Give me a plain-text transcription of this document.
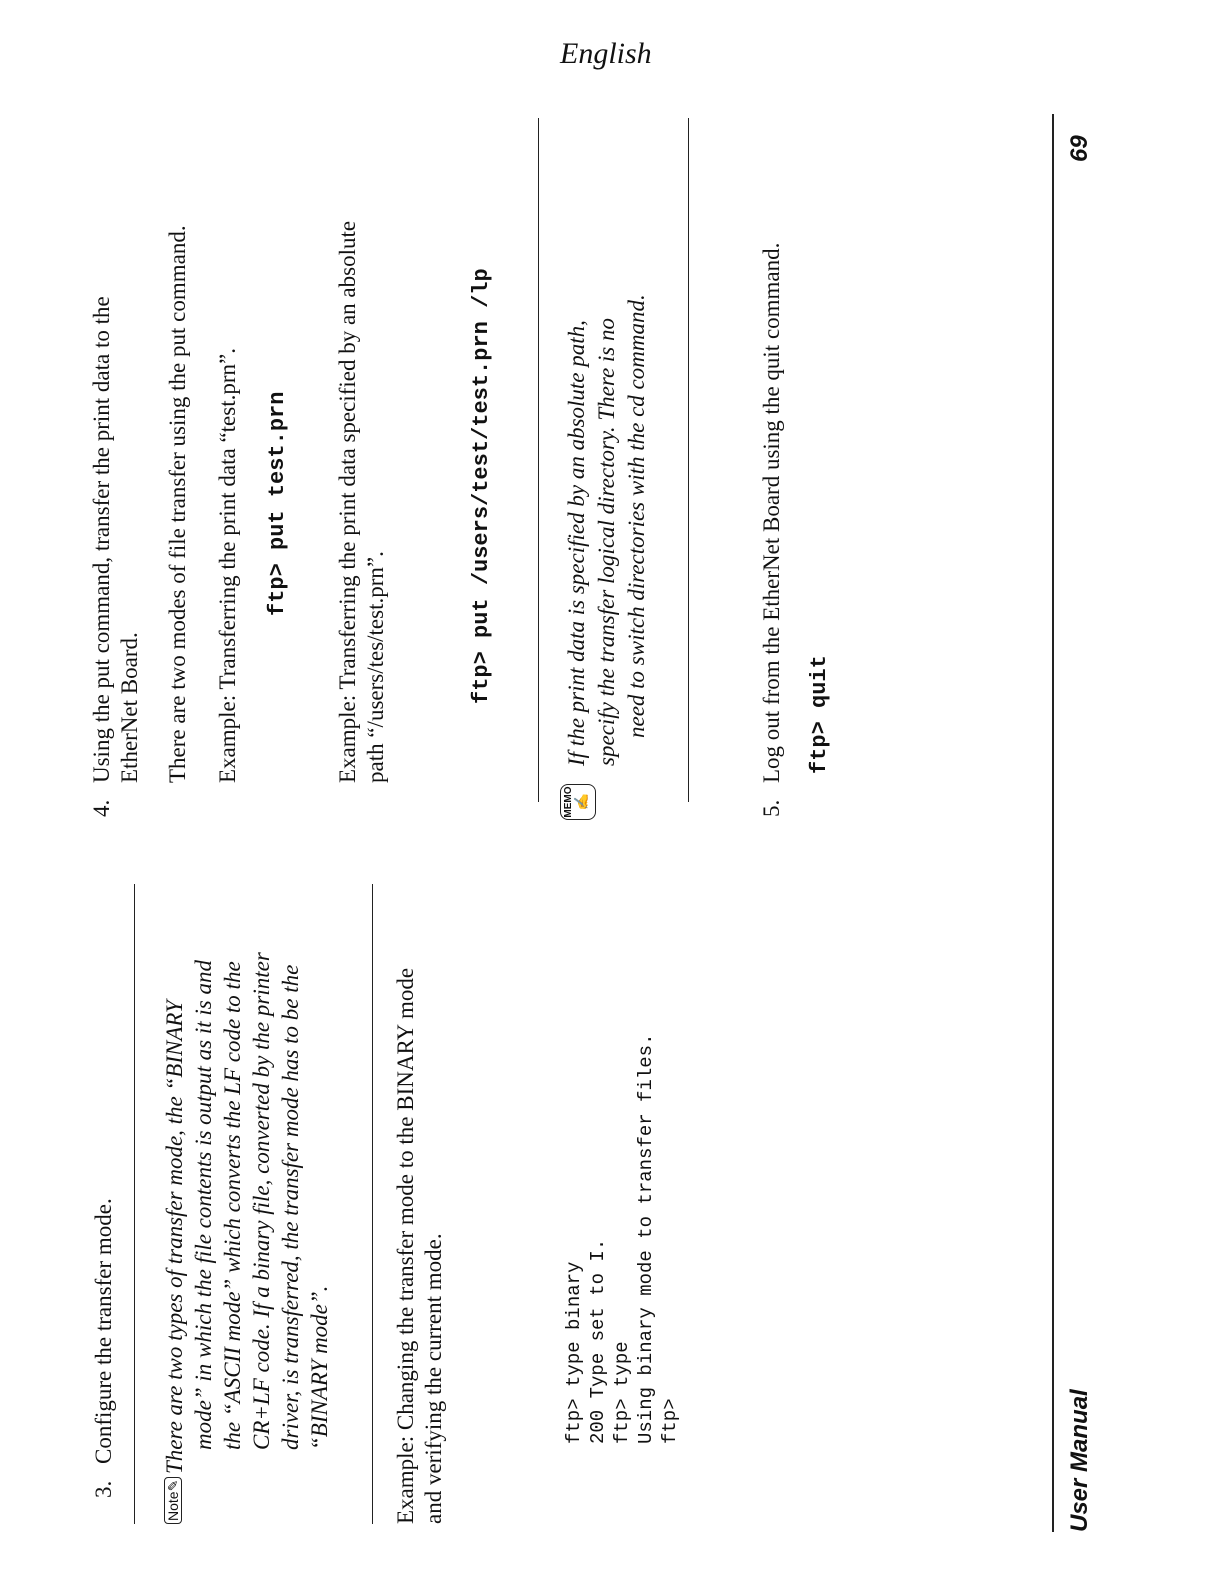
3.Configure the transfer mode.
Note✎
There are two types of transfer mode, the “BINARY mode” in which the file contents is output as it is and the “ASCII mode” which converts the LF code to the CR+LF code. If a binary file, converted by the printer driver, is transferred, the transfer mode has to be the “BINARY mode”.	Example: Changing the transfer mode to the BINARY mode and verifying the current mode.	ftp> type binary 200 Type set to I. ftp> type Using binary mode to transfer files. ftp>
4.Using the put command, transfer the print data to the EtherNet Board. There are two modes of file transfer using the put command. Example: Transferring the print data “test.prn”. ftp> put test.prn Example: Transferring the print data specified by an absolute path “/users/tes/test.prn”.	ftp> put /users/test/test.prn /lp
MEMO ✍
If the print data is specified by an absolute path, specify the transfer logical directory. There is no need to switch directories with the cd command.
5.Log out from the EtherNet Board using the quit command. ftp> quit
User Manual
69
English
